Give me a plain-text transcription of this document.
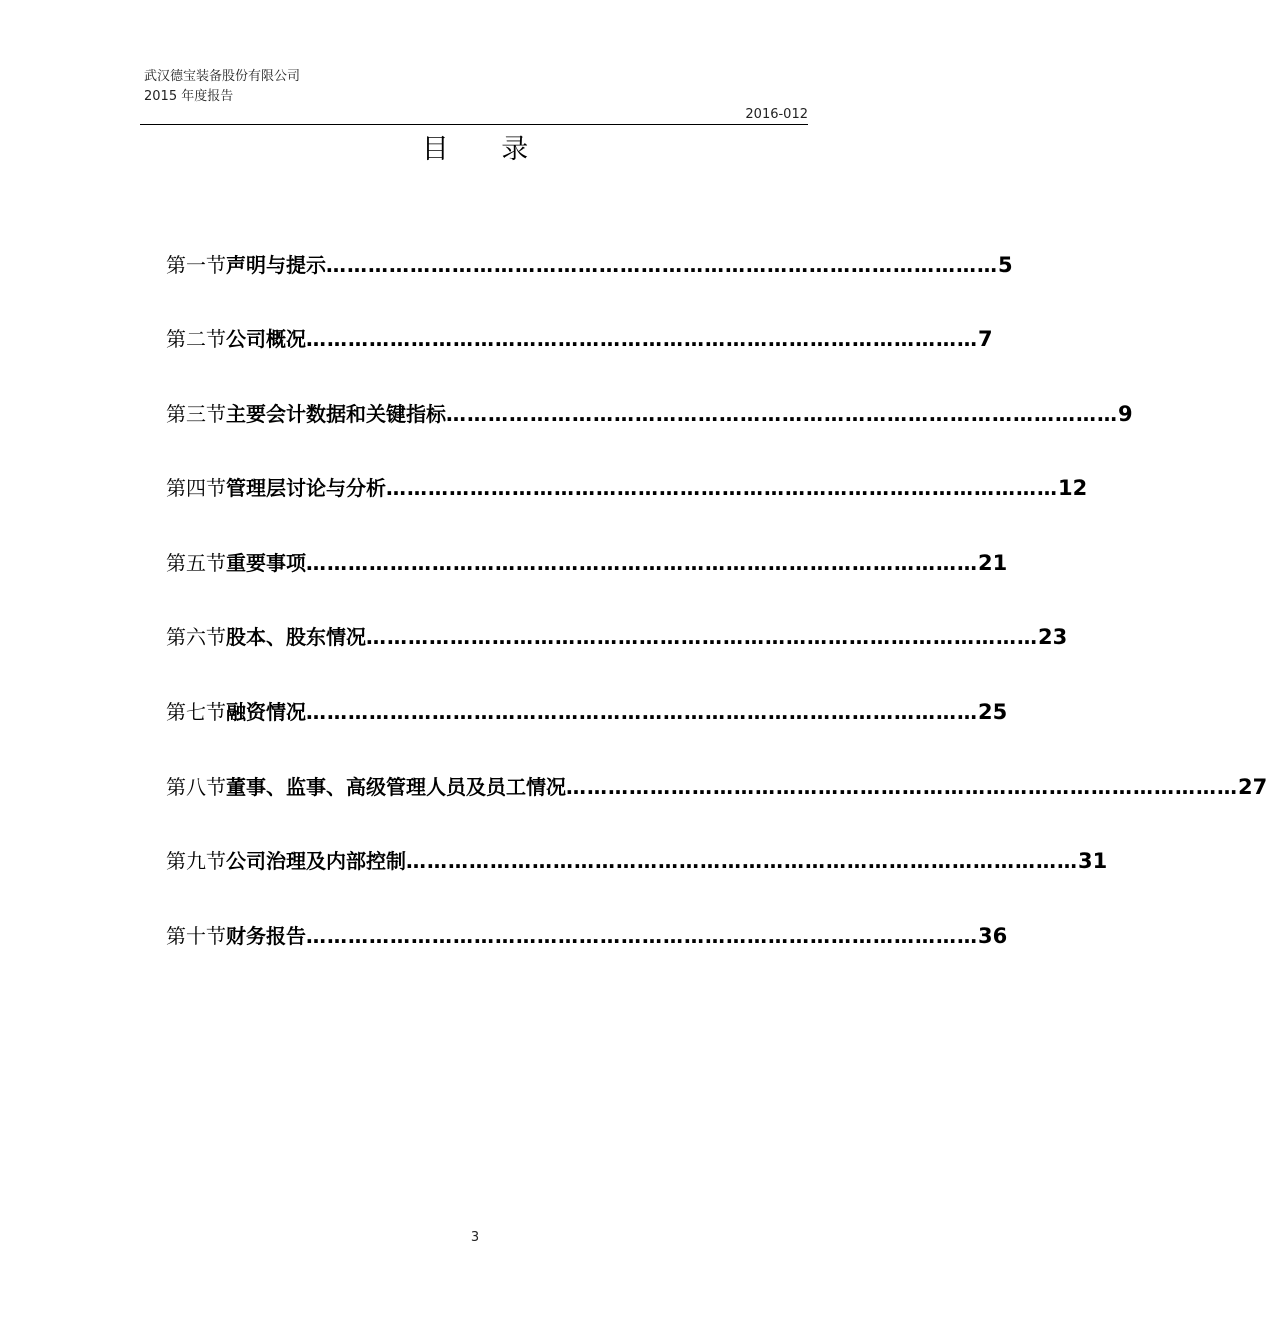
武汉德宝装备股份有限公司
2015 年度报告
2016-012
目 录
第一节 声明与提示 …………………………………………………………………………………… 5
第二节 公司概况 …………………………………………………………………………………… 7
第三节 主要会计数据和关键指标 …………………………………………………………………………………… 9
第四节 管理层讨论与分析 …………………………………………………………………………………… 12
第五节 重要事项 …………………………………………………………………………………… 21
第六节 股本、股东情况 …………………………………………………………………………………… 23
第七节 融资情况 …………………………………………………………………………………… 25
第八节 董事、监事、高级管理人员及员工情况 …………………………………………………………………………………… 27
第九节 公司治理及内部控制 …………………………………………………………………………………… 31
第十节 财务报告 …………………………………………………………………………………… 36
3
